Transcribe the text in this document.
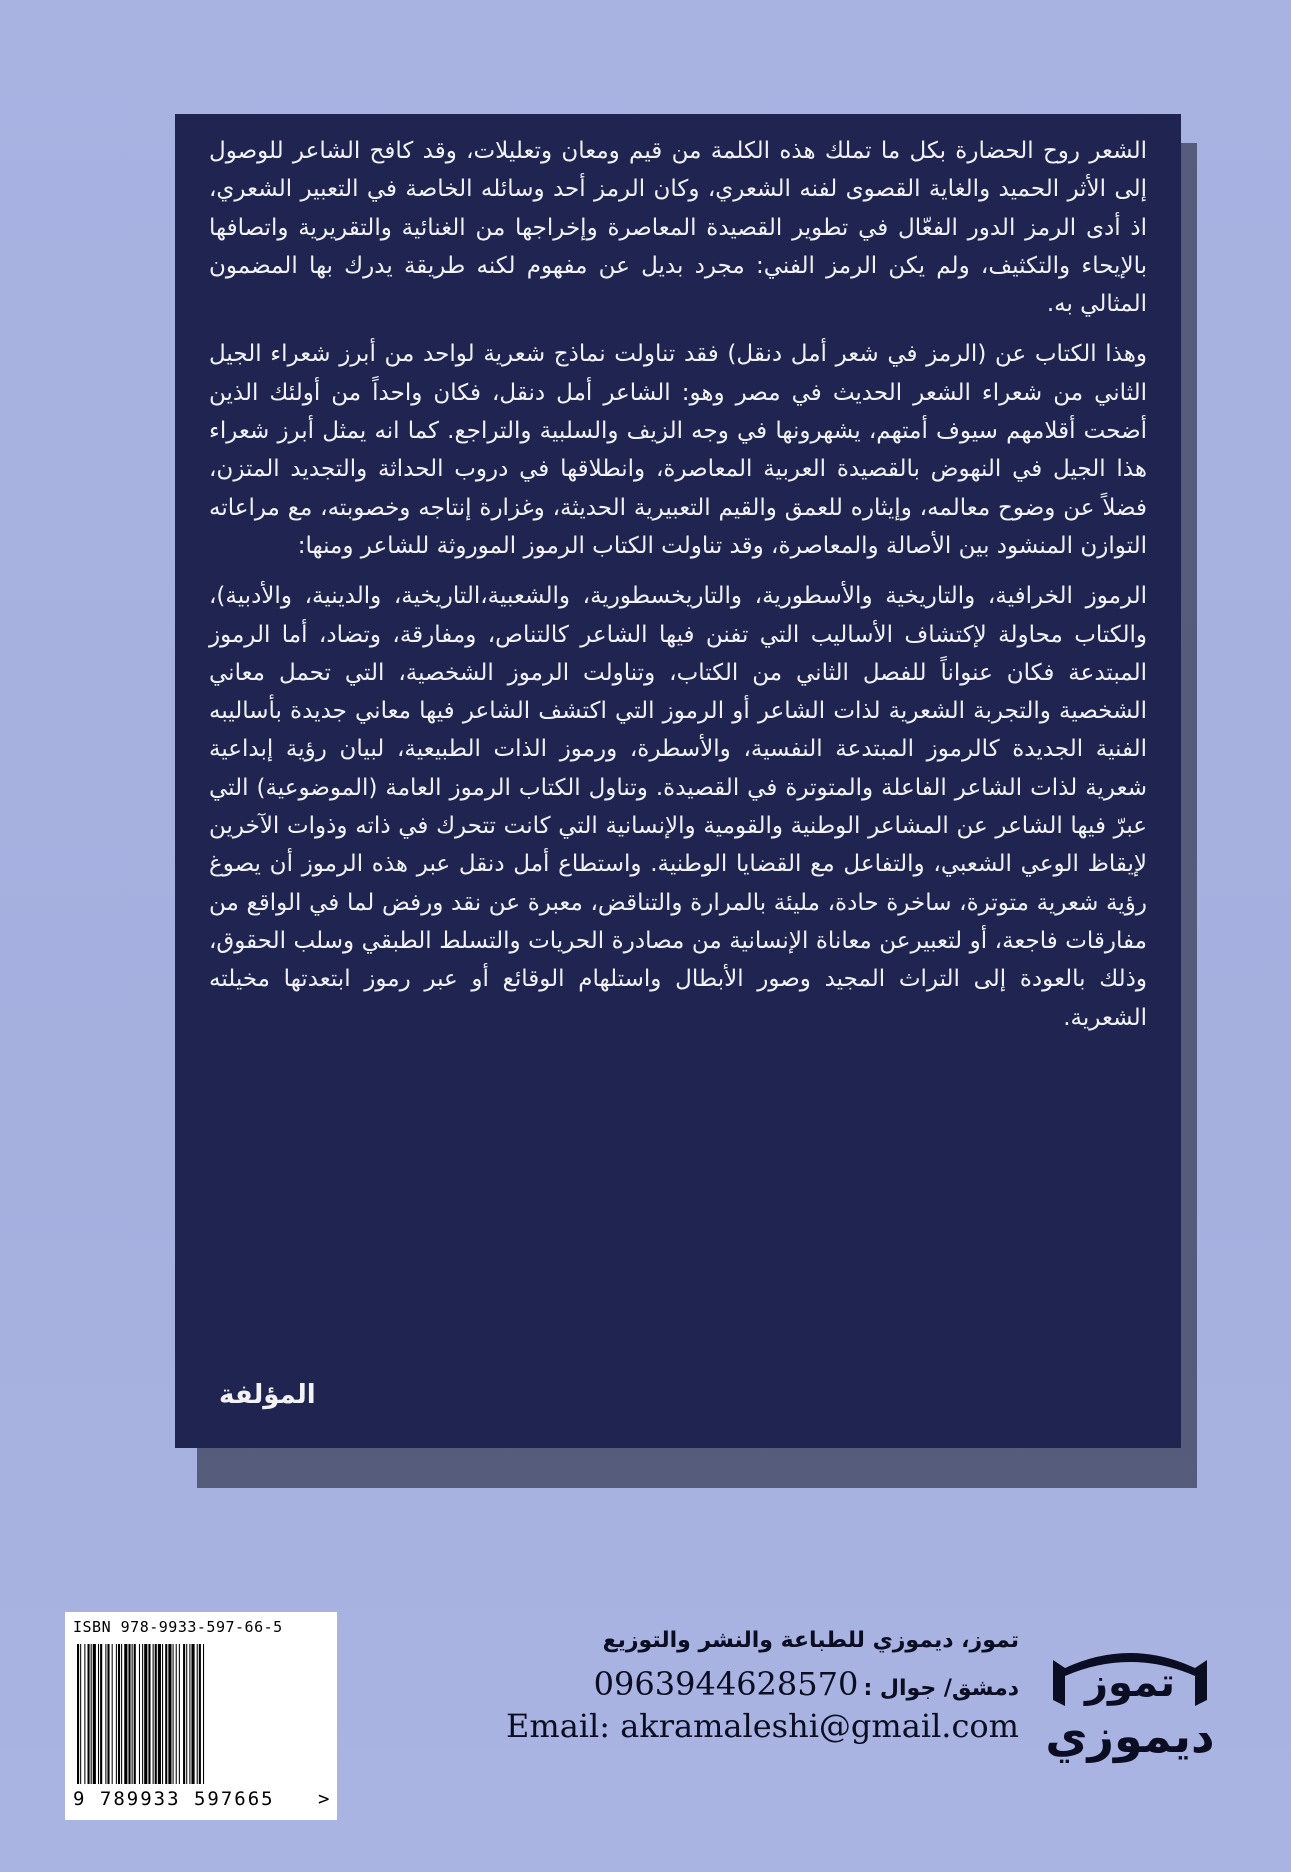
الشعر روح الحضارة بكل ما تملك هذه الكلمة من قيم ومعان وتعليلات، وقد كافح الشاعر للوصول إلى الأثر الحميد والغاية القصوى لفنه الشعري، وكان الرمز أحد وسائله الخاصة في التعبير الشعري، اذ أدى الرمز الدور الفعّال في تطوير القصيدة المعاصرة وإخراجها من الغنائية والتقريرية واتصافها بالإيحاء والتكثيف، ولم يكن الرمز الفني: مجرد بديل عن مفهوم لكنه طريقة يدرك بها المضمون المثالي به.

وهذا الكتاب عن (الرمز في شعر أمل دنقل) فقد تناولت نماذج شعرية لواحد من أبرز شعراء الجيل الثاني من شعراء الشعر الحديث في مصر وهو: الشاعر أمل دنقل، فكان واحداً من أولئك الذين أضحت أقلامهم سيوف أمتهم، يشهرونها في وجه الزيف والسلبية والتراجع. كما انه يمثل أبرز شعراء هذا الجيل في النهوض بالقصيدة العربية المعاصرة، وانطلاقها في دروب الحداثة والتجديد المتزن، فضلاً عن وضوح معالمه، وإيثاره للعمق والقيم التعبيرية الحديثة، وغزارة إنتاجه وخصوبته، مع مراعاته التوازن المنشود بين الأصالة والمعاصرة، وقد تناولت الكتاب الرموز الموروثة للشاعر ومنها:

الرموز الخرافية، والتاريخية والأسطورية، والتاريخسطورية، والشعبية،التاريخية، والدينية، والأدبية)، والكتاب محاولة لإكتشاف الأساليب التي تفنن فيها الشاعر كالتناص، ومفارقة، وتضاد، أما الرموز المبتدعة فكان عنواناً للفصل الثاني من الكتاب، وتناولت الرموز الشخصية، التي تحمل معاني الشخصية والتجربة الشعرية لذات الشاعر أو الرموز التي اكتشف الشاعر فيها معاني جديدة بأساليبه الفنية الجديدة كالرموز المبتدعة النفسية، والأسطرة، ورموز الذات الطبيعية، لبيان رؤية إبداعية شعرية لذات الشاعر الفاعلة والمتوترة في القصيدة. وتناول الكتاب الرموز العامة (الموضوعية) التي عبرّ فيها الشاعر عن المشاعر الوطنية والقومية والإنسانية التي كانت تتحرك في ذاته وذوات الآخرين لإيقاظ الوعي الشعبي، والتفاعل مع القضايا الوطنية. واستطاع أمل دنقل عبر هذه الرموز أن يصوغ رؤية شعرية متوترة، ساخرة حادة، مليئة بالمرارة والتناقض، معبرة عن نقد ورفض لما في الواقع من مفارقات فاجعة، أو لتعبيرعن معاناة الإنسانية من مصادرة الحريات والتسلط الطبقي وسلب الحقوق، وذلك بالعودة إلى التراث المجيد وصور الأبطال واستلهام الوقائع أو عبر رموز ابتعدتها مخيلته الشعرية.

المؤلفة
ISBN 978-9933-597-66-5
9 789933 597665 >
تموز، ديموزي للطباعة والنشر والتوزيع
دمشق/ جوال : 0963944628570
Email: akramaleshi@gmail.com
تموز
ديموزي
